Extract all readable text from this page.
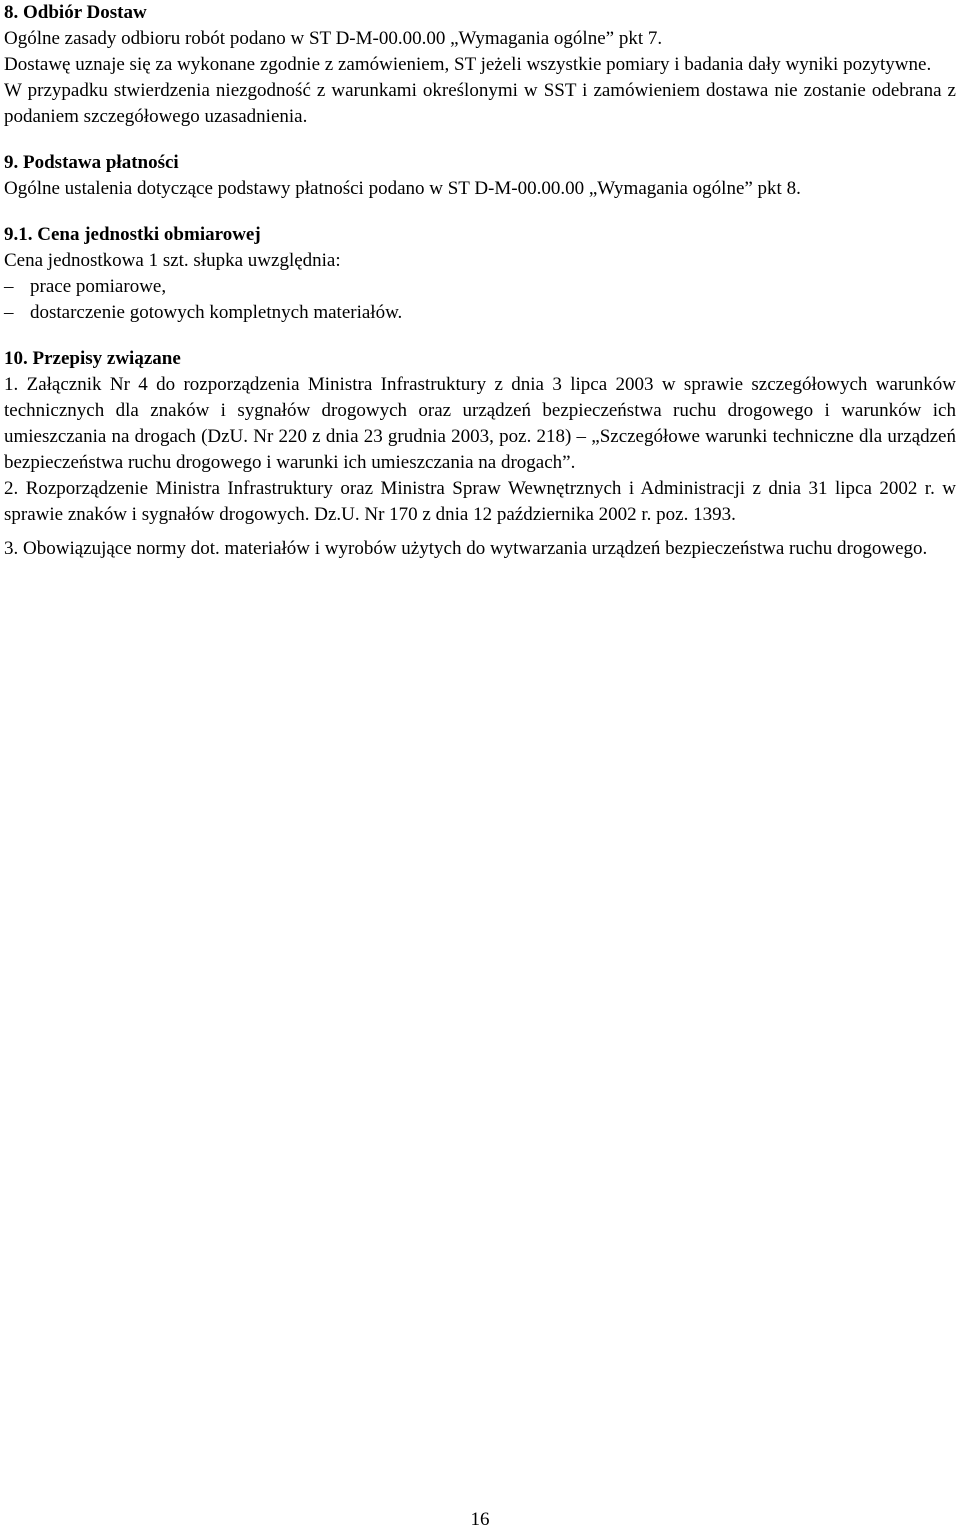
8. Odbiór Dostaw

Ogólne zasady odbioru robót podano w ST D-M-00.00.00 „Wymagania ogólne” pkt 7.

Dostawę uznaje się za wykonane zgodnie z zamówieniem, ST jeżeli wszystkie pomiary i badania dały wyniki pozytywne.

W przypadku stwierdzenia niezgodność z warunkami określonymi w SST i zamówieniem dostawa nie zostanie odebrana z podaniem szczegółowego uzasadnienia.

9. Podstawa płatności

Ogólne ustalenia dotyczące podstawy płatności podano w ST D-M-00.00.00 „Wymagania ogólne” pkt 8.

9.1. Cena jednostki obmiarowej

Cena jednostkowa 1 szt. słupka uwzględnia:

– prace pomiarowe,
– dostarczenie gotowych kompletnych materiałów.

10. Przepisy związane

1. Załącznik Nr 4 do rozporządzenia Ministra Infrastruktury z dnia 3 lipca 2003 w sprawie szczegółowych warunków technicznych dla znaków i sygnałów drogowych oraz urządzeń bezpieczeństwa ruchu drogowego i warunków ich umieszczania na drogach (DzU. Nr 220 z dnia 23 grudnia 2003, poz. 218) – „Szczegółowe warunki techniczne dla urządzeń bezpieczeństwa ruchu drogowego i warunki ich umieszczania na drogach”.

2. Rozporządzenie Ministra Infrastruktury oraz Ministra Spraw Wewnętrznych i Administracji z dnia 31 lipca 2002 r. w sprawie znaków i sygnałów drogowych. Dz.U. Nr 170 z dnia 12 października 2002 r. poz. 1393.

3. Obowiązujące normy dot. materiałów i wyrobów użytych do wytwarzania urządzeń bezpieczeństwa ruchu drogowego.

16
